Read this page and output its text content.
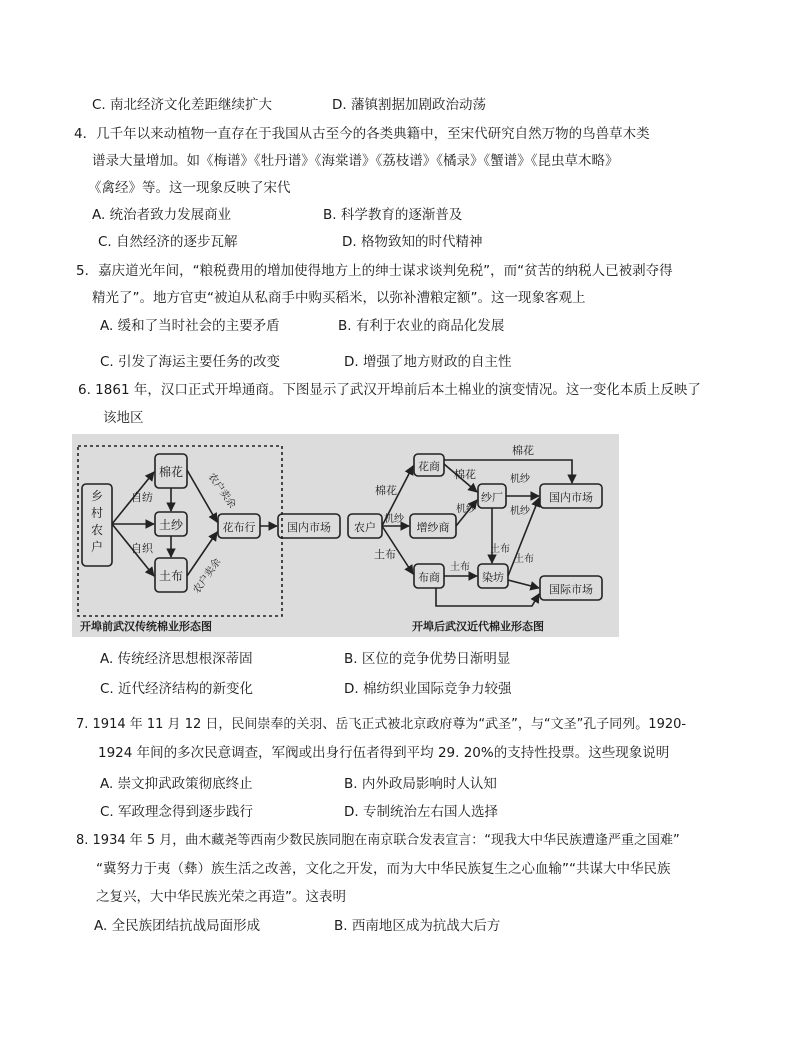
C. 南北经济文化差距继续扩大	D. 藩镇割据加剧政治动荡
4．几千年以来动植物一直存在于我国从古至今的各类典籍中，至宋代研究自然万物的鸟兽草木类
谱录大量增加。如《梅谱》《牡丹谱》《海棠谱》《荔枝谱》《橘录》《蟹谱》《昆虫草木略》
《禽经》等。这一现象反映了宋代
A. 统治者致力发展商业	B. 科学教育的逐渐普及
C. 自然经济的逐步瓦解	D. 格物致知的时代精神
5．嘉庆道光年间，“粮税费用的增加使得地方上的绅士谋求谈判免税”，而“贫苦的纳税人已被剥夺得
精光了”。地方官吏“被迫从私商手中购买稻米，以弥补漕粮定额”。这一现象客观上
A. 缓和了当时社会的主要矛盾	B. 有利于农业的商品化发展
C. 引发了海运主要任务的改变	D. 增强了地方财政的自主性
6. 1861 年，汉口正式开埠通商。下图显示了武汉开埠前后本土棉业的演变情况。这一变化本质上反映了
该地区
乡村农户
棉花
土纱
土布
自纺
自织
花布行	国内市场
农户卖余
农户卖余
农户
花商
增纱商
纱厂
布商	染坊
国内市场
国际市场
棉花
棉花
棉花
机纱
机纱
机纱
机纱
土布
土布
土布
土布
开埠前武汉传统棉业形态图	开埠后武汉近代棉业形态图
A. 传统经济思想根深蒂固	B. 区位的竞争优势日渐明显
C. 近代经济结构的新变化	D. 棉纺织业国际竞争力较强
7. 1914 年 11 月 12 日，民间崇奉的关羽、岳飞正式被北京政府尊为“武圣”，与“文圣”孔子同列。1920-
1924 年间的多次民意调查，军阀或出身行伍者得到平均 29. 20%的支持性投票。这些现象说明
A. 崇文抑武政策彻底终止	B. 内外政局影响时人认知
C. 军政理念得到逐步践行	D. 专制统治左右国人选择
8. 1934 年 5 月，曲木藏尧等西南少数民族同胞在南京联合发表宣言：“现我大中华民族遭逢严重之国难”
“冀努力于夷（彝）族生活之改善，文化之开发，而为大中华民族复生之心血输”“共谋大中华民族
之复兴，大中华民族光荣之再造”。这表明
A. 全民族团结抗战局面形成	B. 西南地区成为抗战大后方
